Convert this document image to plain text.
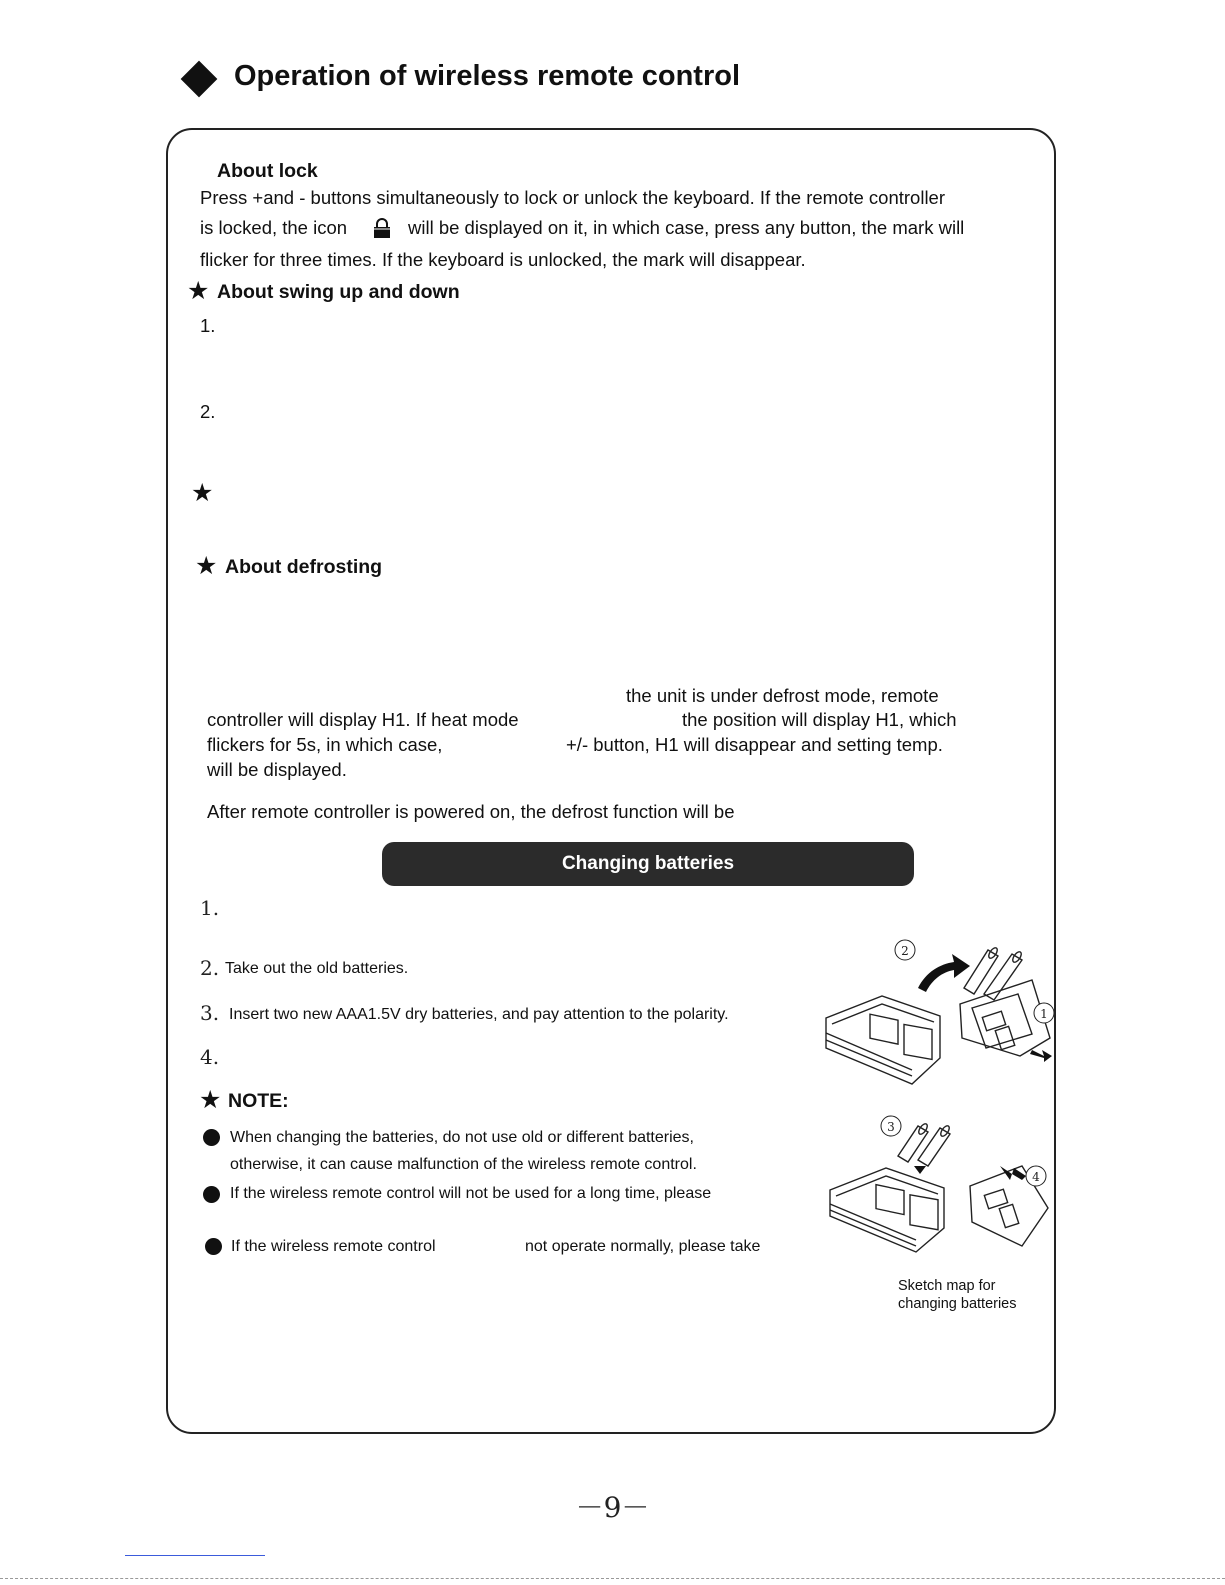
Operation of wireless remote control
About lock
Press +and - buttons simultaneously to lock or unlock the keyboard. If the remote controller
is locked, the icon	will be displayed on it, in which case, press any button, the mark will
flicker for three times. If the keyboard is unlocked, the mark will disappear.
★ About swing up and down
1.
2.
★
★ About defrosting
the unit is under defrost mode, remote
controller will display H1. If heat mode	the position will display H1, which
flickers for 5s, in which case,	+/- button, H1 will disappear and setting temp.
will be displayed.
After remote controller is powered on, the defrost function will be
Changing batteries
1.
2. Take out the old batteries.
3. Insert two new AAA1.5V dry batteries, and pay attention to the polarity.
4.
★ NOTE:
When changing the batteries, do not use old or different batteries,
otherwise, it can cause malfunction of the wireless remote control.
If the wireless remote control will not be used for a long time, please
If the wireless remote control	not operate normally, please take
2
1
3
4
Sketch map for
changing batteries
－9－
